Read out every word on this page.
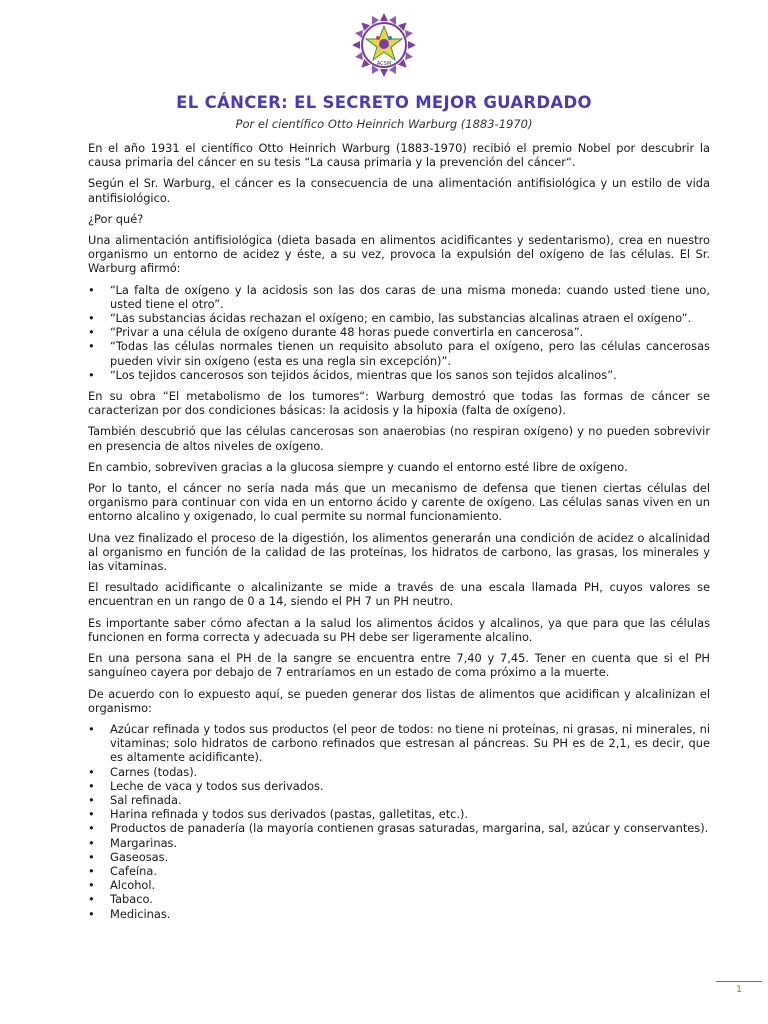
ACSM
EL CÁNCER: EL SECRETO MEJOR GUARDADO

Por el científico Otto Heinrich Warburg (1883-1970)

En el año 1931 el científico Otto Heinrich Warburg (1883-1970) recibió el premio Nobel por descubrir la causa primaria del cáncer en su tesis “La causa primaria y la prevención del cáncer“.

Según el Sr. Warburg, el cáncer es la consecuencia de una alimentación antifisiológica y un estilo de vida antifisiológico.

¿Por qué?

Una alimentación antifisiológica (dieta basada en alimentos acidificantes y sedentarismo), crea en nuestro organismo un entorno de acidez y éste, a su vez, provoca la expulsión del oxígeno de las células. El Sr. Warburg afirmó:

• “La falta de oxígeno y la acidosis son las dos caras de una misma moneda: cuando usted tiene uno, usted tiene el otro”.
• “Las substancias ácidas rechazan el oxígeno; en cambio, las substancias alcalinas atraen el oxígeno”.
• “Privar a una célula de oxígeno durante 48 horas puede convertirla en cancerosa”.
• “Todas las células normales tienen un requisito absoluto para el oxígeno, pero las células cancerosas pueden vivir sin oxígeno (esta es una regla sin excepción)”.
• “Los tejidos cancerosos son tejidos ácidos, mientras que los sanos son tejidos alcalinos”.

En su obra “El metabolismo de los tumores“: Warburg demostró que todas las formas de cáncer se caracterizan por dos condiciones básicas: la acidosis y la hipoxia (falta de oxígeno).

También descubrió que las células cancerosas son anaerobias (no respiran oxígeno) y no pueden sobrevivir en presencia de altos niveles de oxígeno.

En cambio, sobreviven gracias a la glucosa siempre y cuando el entorno esté libre de oxígeno.

Por lo tanto, el cáncer no sería nada más que un mecanismo de defensa que tienen ciertas células del organismo para continuar con vida en un entorno ácido y carente de oxígeno. Las células sanas viven en un entorno alcalino y oxigenado, lo cual permite su normal funcionamiento.

Una vez finalizado el proceso de la digestión, los alimentos generarán una condición de acidez o alcalinidad al organismo en función de la calidad de las proteínas, los hidratos de carbono, las grasas, los minerales y las vitaminas.

El resultado acidificante o alcalinizante se mide a través de una escala llamada PH, cuyos valores se encuentran en un rango de 0 a 14, siendo el PH 7 un PH neutro.

Es importante saber cómo afectan a la salud los alimentos ácidos y alcalinos, ya que para que las células funcionen en forma correcta y adecuada su PH debe ser ligeramente alcalino.

En una persona sana el PH de la sangre se encuentra entre 7,40 y 7,45. Tener en cuenta que si el PH sanguíneo cayera por debajo de 7 entraríamos en un estado de coma próximo a la muerte.

De acuerdo con lo expuesto aquí, se pueden generar dos listas de alimentos que acidifican y alcalinizan el organismo:

• Azúcar refinada y todos sus productos (el peor de todos: no tiene ni proteínas, ni grasas, ni minerales, ni vitaminas; solo hidratos de carbono refinados que estresan al páncreas. Su PH es de 2,1, es decir, que es altamente acidificante).
• Carnes (todas).
• Leche de vaca y todos sus derivados.
• Sal refinada.
• Harina refinada y todos sus derivados (pastas, galletitas, etc.).
• Productos de panadería (la mayoría contienen grasas saturadas, margarina, sal, azúcar y conservantes).
• Margarinas.
• Gaseosas.
• Cafeína.
• Alcohol.
• Tabaco.
• Medicinas.
1
